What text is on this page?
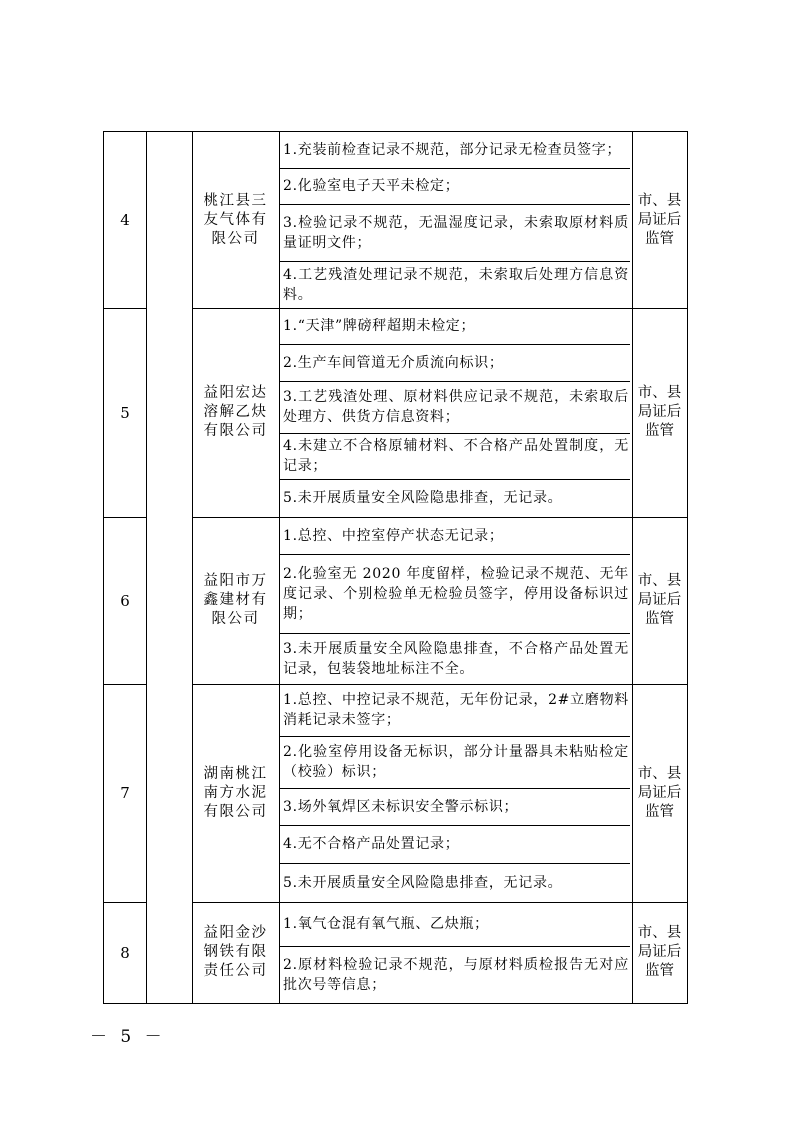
4
桃江县三友气体有限公司
1.充装前检查记录不规范，部分记录无检查员签字；
2.化验室电子天平未检定；
3.检验记录不规范，无温湿度记录，未索取原材料质量证明文件；
4.工艺残渣处理记录不规范，未索取后处理方信息资料。
市、县局证后监管
5
益阳宏达溶解乙炔有限公司
1.“天津”牌磅秤超期未检定；
2.生产车间管道无介质流向标识；
3.工艺残渣处理、原材料供应记录不规范，未索取后处理方、供货方信息资料；
4.未建立不合格原辅材料、不合格产品处置制度，无记录；
5.未开展质量安全风险隐患排查，无记录。
市、县局证后监管
6
益阳市万鑫建材有限公司
1.总控、中控室停产状态无记录；
2.化验室无 2020 年度留样，检验记录不规范、无年度记录、个别检验单无检验员签字，停用设备标识过期；
3.未开展质量安全风险隐患排查，不合格产品处置无记录，包装袋地址标注不全。
市、县局证后监管
7
湖南桃江南方水泥有限公司
1.总控、中控记录不规范，无年份记录，2#立磨物料消耗记录未签字；
2.化验室停用设备无标识，部分计量器具未粘贴检定（校验）标识；
3.场外氧焊区未标识安全警示标识；
4.无不合格产品处置记录；
5.未开展质量安全风险隐患排查，无记录。
市、县局证后监管
8
益阳金沙钢铁有限责任公司
1.氧气仓混有氧气瓶、乙炔瓶；
2.原材料检验记录不规范，与原材料质检报告无对应批次号等信息；
市、县局证后监管
－ 5 －
